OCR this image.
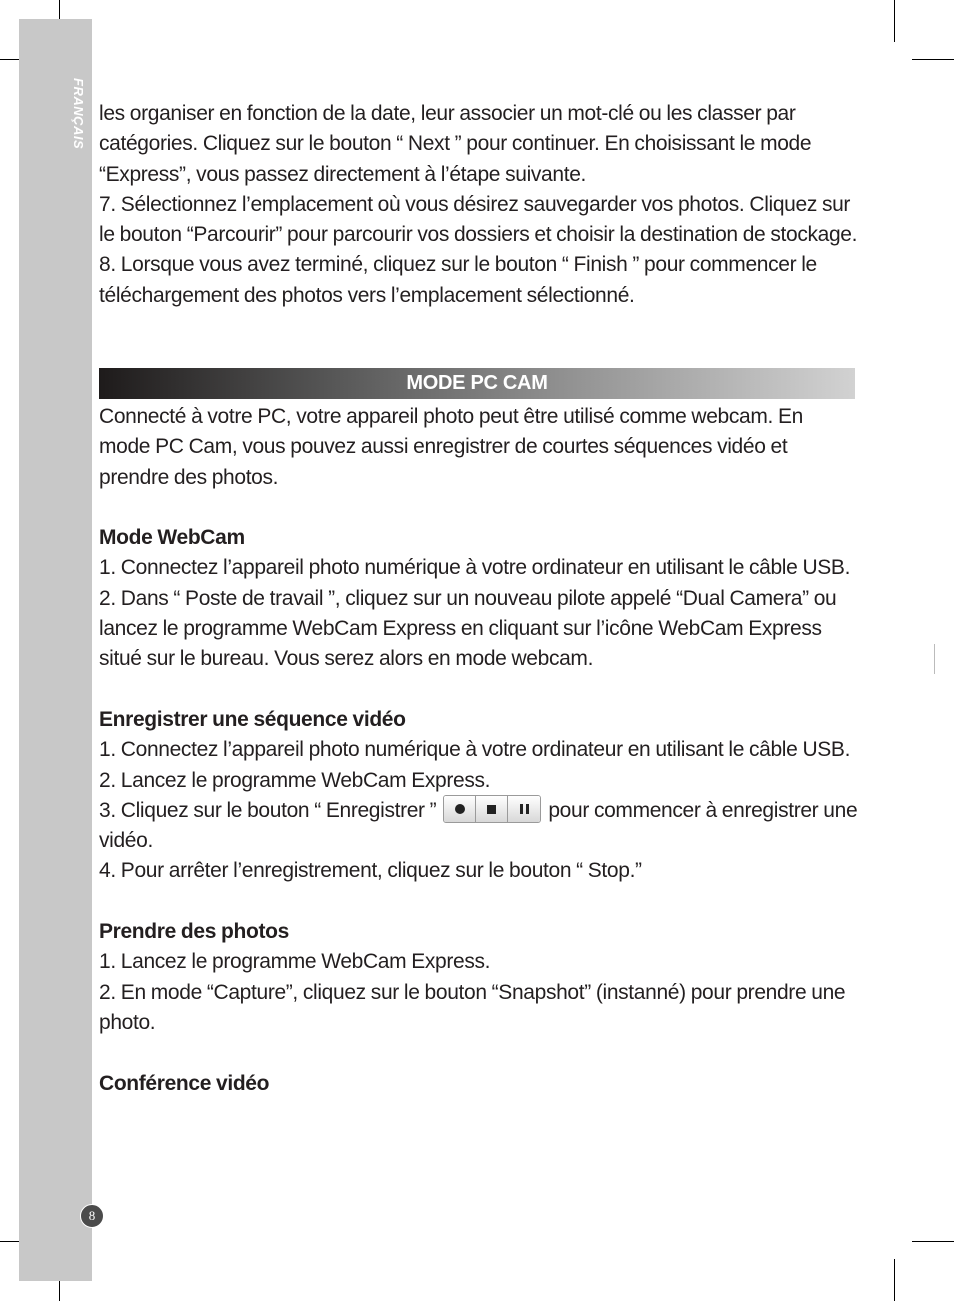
FRANÇAIS
8
MODE PC CAM

les organiser en fonction de la date, leur associer un mot-clé ou les classer par catégories. Cliquez sur le bouton “ Next ” pour continuer. En choisissant le mode “Express”, vous passez directement à l’étape suivante.

7. Sélectionnez l’emplacement où vous désirez sauvegarder vos photos. Cliquez sur le bouton “Parcourir” pour parcourir vos dossiers et choisir la destination de stockage.

8. Lorsque vous avez terminé, cliquez sur le bouton “ Finish ” pour commencer le téléchargement des photos vers l’emplacement sélectionné.

Connecté à votre PC, votre appareil photo peut être utilisé comme webcam. En mode PC Cam, vous pouvez aussi enregistrer de courtes séquences vidéo et prendre des photos.

Mode WebCam

1. Connectez l’appareil photo numérique à votre ordinateur en utilisant le câble USB.

2. Dans “ Poste de travail ”, cliquez sur un nouveau pilote appelé “Dual Camera” ou lancez le programme WebCam Express en cliquant sur l’icône WebCam Express situé sur le bureau. Vous serez alors en mode webcam.

Enregistrer une séquence vidéo

1. Connectez l’appareil photo numérique à votre ordinateur en utilisant le câble USB.

2. Lancez le programme WebCam Express.

3. Cliquez sur le bouton “ Enregistrer ”	pour commencer à enregistrer une vidéo.

4. Pour arrêter l’enregistrement, cliquez sur le bouton “ Stop.”

Prendre des photos

1. Lancez le programme WebCam Express.

2. En mode “Capture”, cliquez sur le bouton “Snapshot” (instanné) pour prendre une photo.

Conférence vidéo
